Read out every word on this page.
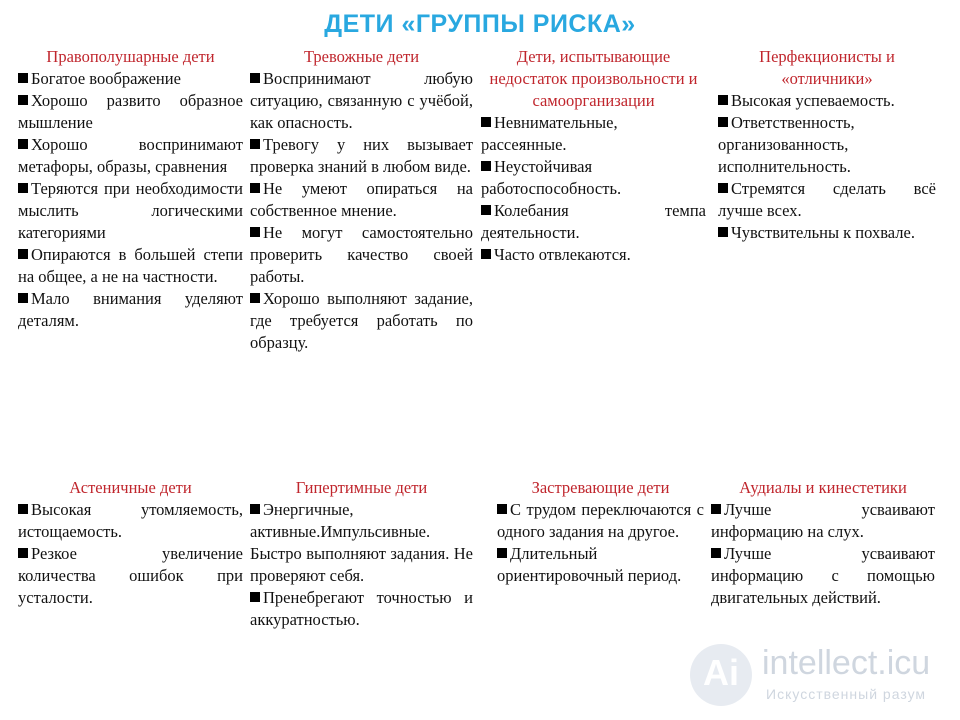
ДЕТИ «ГРУППЫ РИСКА»
Правополушарные дети
Богатое воображение
Хорошо развито образное мышление
Хорошо воспринимают метафоры, образы, сравнения
Теряются при необходимости мыслить логическими категориями
Опираются в большей степи на общее, а не на частности.
Мало внимания уделяют деталям.
Тревожные дети
Воспринимают любую ситуацию, связанную с учёбой, как опасность.
Тревогу у них вызывает проверка знаний в любом виде.
Не умеют опираться на собственное мнение.
Не могут самостоятельно проверить качество своей работы.
Хорошо выполняют задание, где требуется работать по образцу.
Дети, испытывающие недостаток произвольности и самоорганизации
Невнимательные, рассеянные.
Неустойчивая работоспособность.
Колебания темпа деятельности.
Часто отвлекаются.
Перфекционисты и «отличники»
Высокая успеваемость.
Ответственность, организованность, исполнительность.
Стремятся сделать всё лучше всех.
Чувствительны к похвале.
Астеничные дети
Высокая утомляемость, истощаемость.
Резкое увеличение количества ошибок при усталости.
Гипертимные дети
Энергичные, активные.Импульсивные. Быстро выполняют задания. Не проверяют себя.
Пренебрегают точностью и аккуратностью.
Застревающие дети
С трудом переключаются с одного задания на другое.
Длительный ориентировочный период.
Аудиалы и кинестетики
Лучше усваивают информацию на слух.
Лучше усваивают информацию с помощью двигательных действий.
Ai intellect.icu
Искусственный разум
